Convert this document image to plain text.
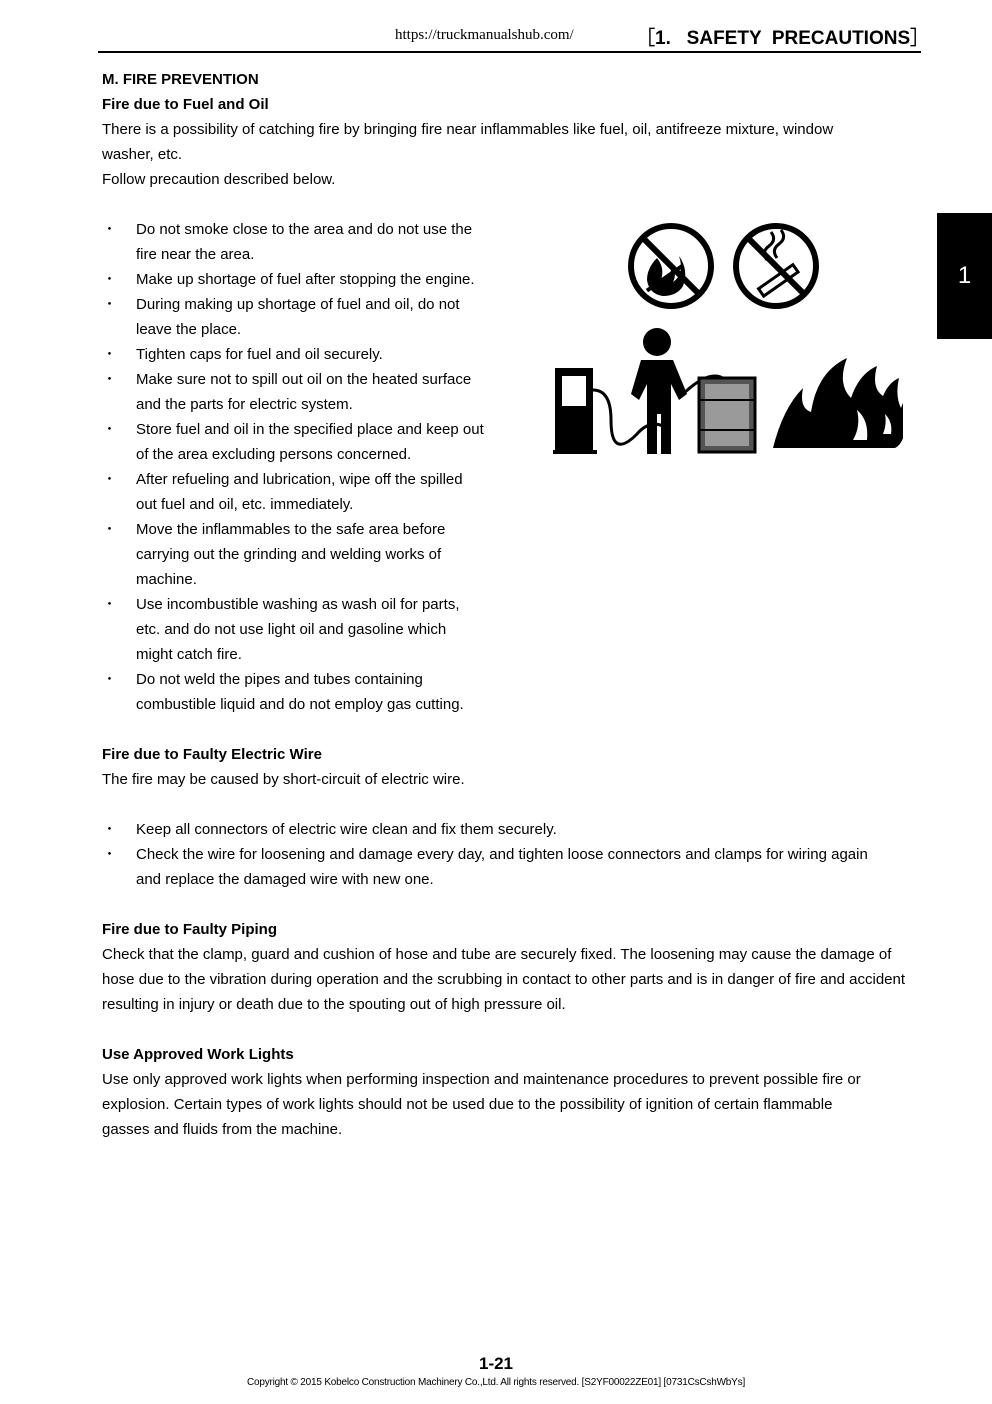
https://truckmanualshub.com/	［1.   SAFETY  PRECAUTIONS］
1

M. FIRE PREVENTION

Fire due to Fuel and Oil

There is a possibility of catching fire by bringing fire near inflammables like fuel, oil, antifreeze mixture, window washer, etc.

Follow precaution described below.

・ Do not smoke close to the area and do not use the fire near the area.
・ Make up shortage of fuel after stopping the engine.
・ During making up shortage of fuel and oil, do not leave the place.
・ Tighten caps for fuel and oil securely.
・ Make sure not to spill out oil on the heated surface and the parts for electric system.
・ Store fuel and oil in the specified place and keep out of the area excluding persons concerned.
・ After refueling and lubrication, wipe off the spilled out fuel and oil, etc. immediately.
・ Move the inflammables to the safe area before carrying out the grinding and welding works of machine.
・ Use incombustible washing as wash oil for parts, etc. and do not use light oil and gasoline which might catch fire.
・ Do not weld the pipes and tubes containing combustible liquid and do not employ gas cutting.

Fire due to Faulty Electric Wire

The fire may be caused by short-circuit of electric wire.

・ Keep all connectors of electric wire clean and fix them securely.
・ Check the wire for loosening and damage every day, and tighten loose connectors and clamps for wiring again and replace the damaged wire with new one.

Fire due to Faulty Piping

Check that the clamp, guard and cushion of hose and tube are securely fixed. The loosening may cause the damage of hose due to the vibration during operation and the scrubbing in contact to other parts and is in danger of fire and accident resulting in injury or death due to the spouting out of high pressure oil.

Use Approved Work Lights

Use only approved work lights when performing inspection and maintenance procedures to prevent possible fire or explosion. Certain types of work lights should not be used due to the possibility of ignition of certain flammable gasses and fluids from the machine.

1-21
Copyright © 2015 Kobelco Construction Machinery Co.,Ltd. All rights reserved. [S2YF00022ZE01] [0731CsCshWbYs]
